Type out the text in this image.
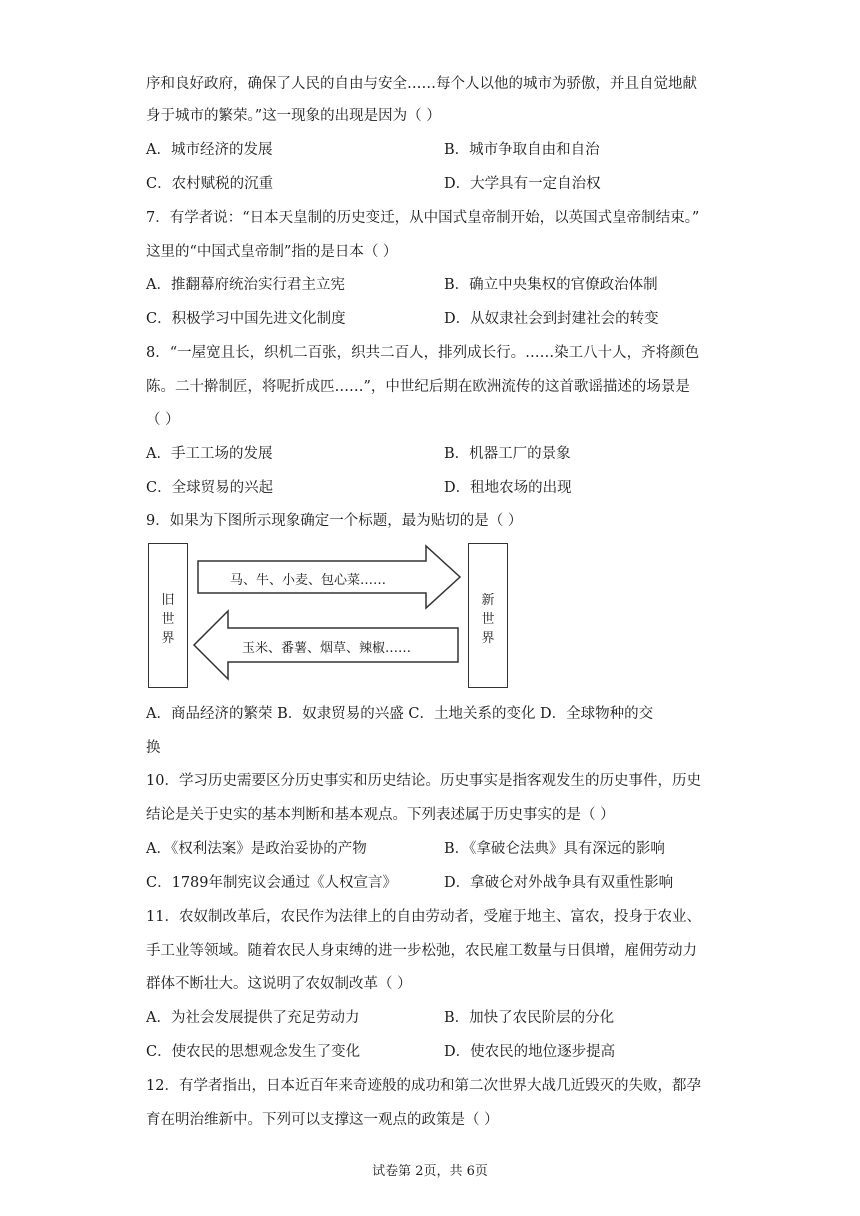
序和良好政府，确保了人民的自由与安全……每个人以他的城市为骄傲，并且自觉地献
身于城市的繁荣。”这一现象的出现是因为（ ）
A．城市经济的发展	B．城市争取自由和自治
C．农村赋税的沉重	D．大学具有一定自治权
7．有学者说：“日本天皇制的历史变迁，从中国式皇帝制开始，以英国式皇帝制结束。”
这里的“中国式皇帝制”指的是日本（ ）
A．推翻幕府统治实行君主立宪	B．确立中央集权的官僚政治体制
C．积极学习中国先进文化制度	D．从奴隶社会到封建社会的转变
8．“一屋宽且长，织机二百张，织共二百人，排列成长行。……染工八十人，齐将颜色
陈。二十擀制匠，将呢折成匹……”，中世纪后期在欧洲流传的这首歌谣描述的场景是
（ ）
A．手工工场的发展	B．机器工厂的景象
C．全球贸易的兴起	D．租地农场的出现
9．如果为下图所示现象确定一个标题，最为贴切的是（ ）
旧
世
界
新
世
界
马、牛、小麦、包心菜……
玉米、番薯、烟草、辣椒……
A．商品经济的繁荣 B．奴隶贸易的兴盛 C．土地关系的变化 D．全球物种的交
换
10．学习历史需要区分历史事实和历史结论。历史事实是指客观发生的历史事件，历史
结论是关于史实的基本判断和基本观点。下列表述属于历史事实的是（ ）
A．《权利法案》是政治妥协的产物	B．《拿破仑法典》具有深远的影响
C．1789年制宪议会通过《人权宣言》	D．拿破仑对外战争具有双重性影响
11．农奴制改革后，农民作为法律上的自由劳动者，受雇于地主、富农，投身于农业、
手工业等领域。随着农民人身束缚的进一步松弛，农民雇工数量与日俱增，雇佣劳动力
群体不断壮大。这说明了农奴制改革（ ）
A．为社会发展提供了充足劳动力	B．加快了农民阶层的分化
C．使农民的思想观念发生了变化	D．使农民的地位逐步提高
12．有学者指出，日本近百年来奇迹般的成功和第二次世界大战几近毁灭的失败，都孕
育在明治维新中。下列可以支撑这一观点的政策是（ ）
试卷第 2页，共 6页
